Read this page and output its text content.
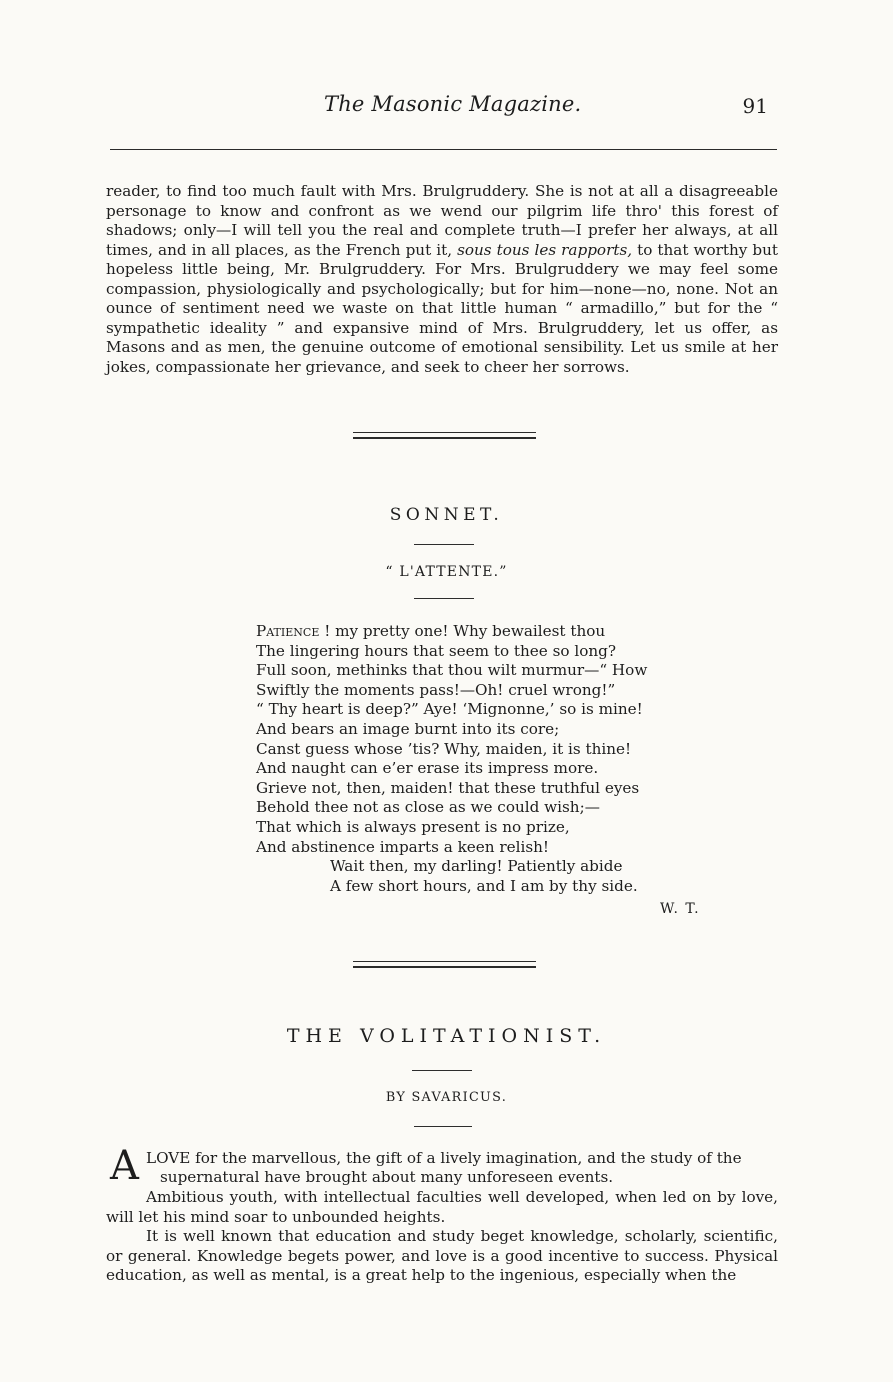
The Masonic Magazine.	91
reader, to find too much fault with Mrs. Brulgruddery. She is not at all a disagreeable personage to know and confront as we wend our pilgrim life thro' this forest of shadows; only—I will tell you the real and complete truth—I prefer her always, at all times, and in all places, as the French put it, sous tous les rapports, to that worthy but hopeless little being, Mr. Brulgruddery. For Mrs. Brulgruddery we may feel some compassion, physiologically and psychologically; but for him—none—no, none. Not an ounce of sentiment need we waste on that little human “ armadillo,” but for the “ sympathetic ideality ” and expansive mind of Mrs. Brulgruddery, let us offer, as Masons and as men, the genuine outcome of emotional sensibility. Let us smile at her jokes, compassionate her grievance, and seek to cheer her sorrows.
SONNET.
“ L'ATTENTE.”
Patience ! my pretty one! Why bewailest thou
The lingering hours that seem to thee so long?
Full soon, methinks that thou wilt murmur—“ How
Swiftly the moments pass!—Oh! cruel wrong!”
“ Thy heart is deep?” Aye! ‘Mignonne,’ so is mine!
And bears an image burnt into its core;
Canst guess whose ’tis? Why, maiden, it is thine!
And naught can e’er erase its impress more.
Grieve not, then, maiden! that these truthful eyes
Behold thee not as close as we could wish;—
That which is always present is no prize,
And abstinence imparts a keen relish!
Wait then, my darling! Patiently abide
A few short hours, and I am by thy side.
W. T.
THE VOLITATIONIST.
BY SAVARICUS.
A LOVE for the marvellous, the gift of a lively imagination, and the study of the
supernatural have brought about many unforeseen events.
Ambitious youth, with intellectual faculties well developed, when led on by love, will let his mind soar to unbounded heights.
It is well known that education and study beget knowledge, scholarly, scientific, or general. Knowledge begets power, and love is a good incentive to success. Physical education, as well as mental, is a great help to the ingenious, especially when the
